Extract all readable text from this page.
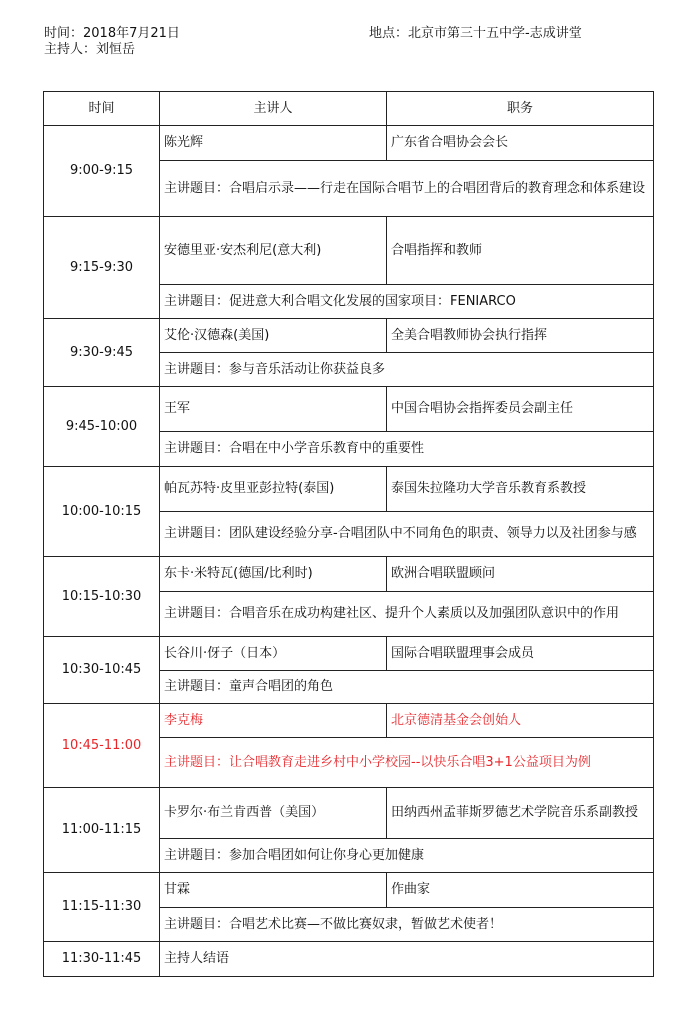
时间：2018年7月21日
主持人：刘恒岳
地点：北京市第三十五中学-志成讲堂
时间	主讲人	职务
9:00-9:15	陈光辉	广东省合唱协会会长
	主讲题目：合唱启示录——行走在国际合唱节上的合唱团背后的教育理念和体系建设	
9:15-9:30	安德里亚·安杰利尼(意大利)	合唱指挥和教师
	主讲题目：促进意大利合唱文化发展的国家项目：FENIARCO	
9:30-9:45	艾伦·汉德森(美国)	全美合唱教师协会执行指挥
	主讲题目：参与音乐活动让你获益良多	
9:45-10:00	王军	中国合唱协会指挥委员会副主任
	主讲题目：合唱在中小学音乐教育中的重要性	
10:00-10:15	帕瓦苏特·皮里亚彭拉特(泰国)	泰国朱拉隆功大学音乐教育系教授
	主讲题目：团队建设经验分享-合唱团队中不同角色的职责、领导力以及社团参与感	
10:15-10:30	东卡·米特瓦(德国/比利时)	欧洲合唱联盟顾问
	主讲题目：合唱音乐在成功构建社区、提升个人素质以及加强团队意识中的作用	
10:30-10:45	长谷川·伢子（日本）	国际合唱联盟理事会成员
	主讲题目：童声合唱团的角色	
10:45-11:00	李克梅	北京德清基金会创始人
	主讲题目：让合唱教育走进乡村中小学校园--以快乐合唱3+1公益项目为例	
11:00-11:15	卡罗尔·布兰肯西普（美国）	田纳西州孟菲斯罗德艺术学院音乐系副教授
	主讲题目：参加合唱团如何让你身心更加健康	
11:15-11:30	甘霖	作曲家
	主讲题目：合唱艺术比赛—不做比赛奴隶，暂做艺术使者！	
11:30-11:45	主持人结语	
